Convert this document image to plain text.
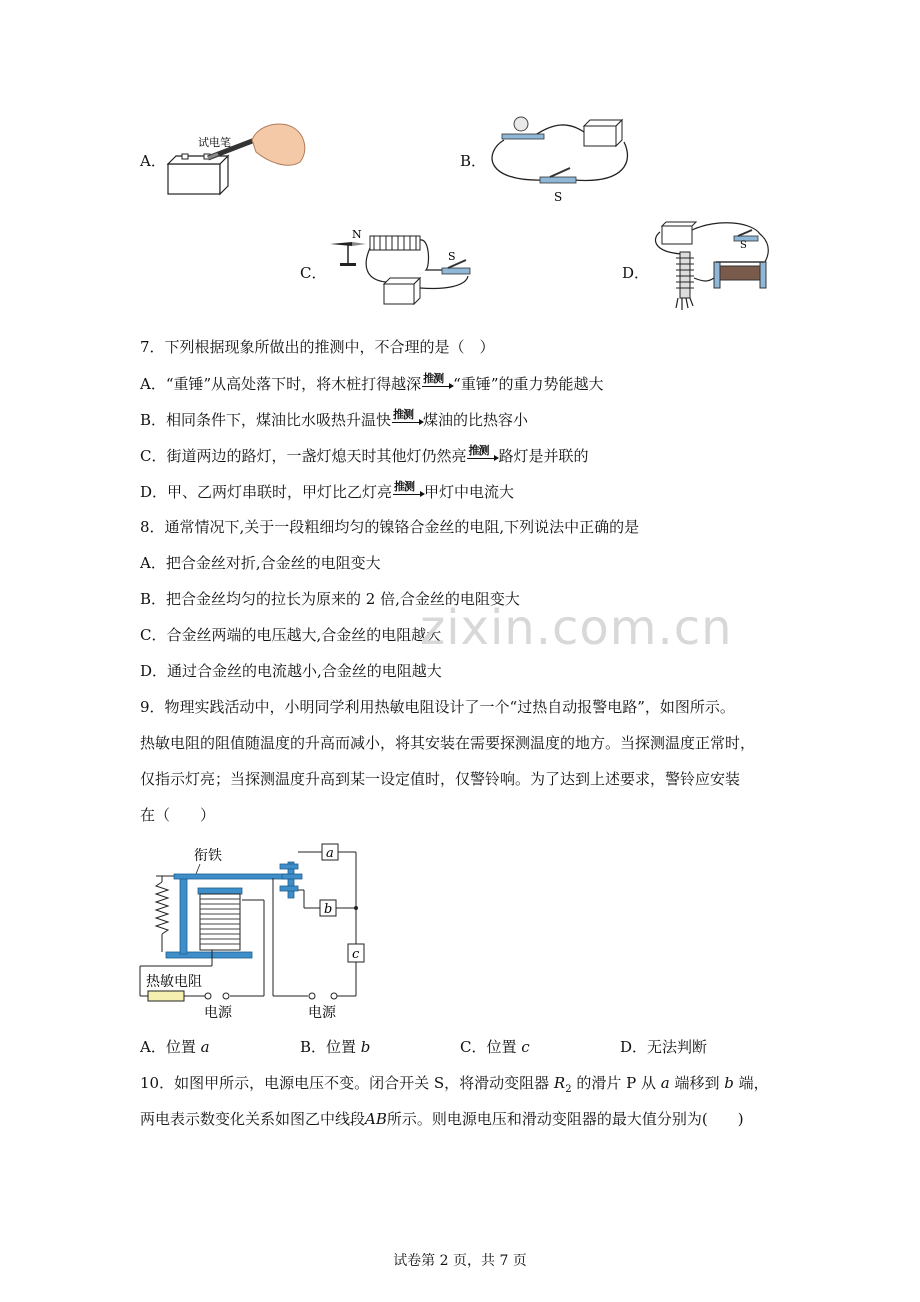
A．
试电笔
B．
S
C．
N
S
D．
S
7．下列根据现象所做出的推测中，不合理的是（　）
A．“重锤”从高处落下时，将木桩打得越深 推测 “重锤”的重力势能越大
B．相同条件下，煤油比水吸热升温快 推测 煤油的比热容小
C．街道两边的路灯，一盏灯熄天时其他灯仍然亮 推测 路灯是并联的
D．甲、乙两灯串联时，甲灯比乙灯亮 推测 甲灯中电流大
8．通常情况下,关于一段粗细均匀的镍铬合金丝的电阻,下列说法中正确的是
A．把合金丝对折,合金丝的电阻变大
B．把合金丝均匀的拉长为原来的 2 倍,合金丝的电阻变大
C．合金丝两端的电压越大,合金丝的电阻越大
D．通过合金丝的电流越小,合金丝的电阻越大
zixin.com.cn
9．物理实践活动中，小明同学利用热敏电阻设计了一个“过热自动报警电路”，如图所示。
热敏电阻的阻值随温度的升高而减小，将其安装在需要探测温度的地方。当探测温度正常时，
仅指示灯亮；当探测温度升高到某一设定值时，仅警铃响。为了达到上述要求，警铃应安装
在（　　）
衔铁	a
b
c
电源
热敏电阻
电源
A．位置 a	B．位置 b	C．位置 c	D．无法判断
10．如图甲所示，电源电压不变。闭合开关 S，将滑动变阻器 $R_2$ 的滑片 P 从 a 端移到 b 端，
两电表示数变化关系如图乙中线段AB所示。则电源电压和滑动变阻器的最大值分别为(　　)
试卷第 2 页，共 7 页
